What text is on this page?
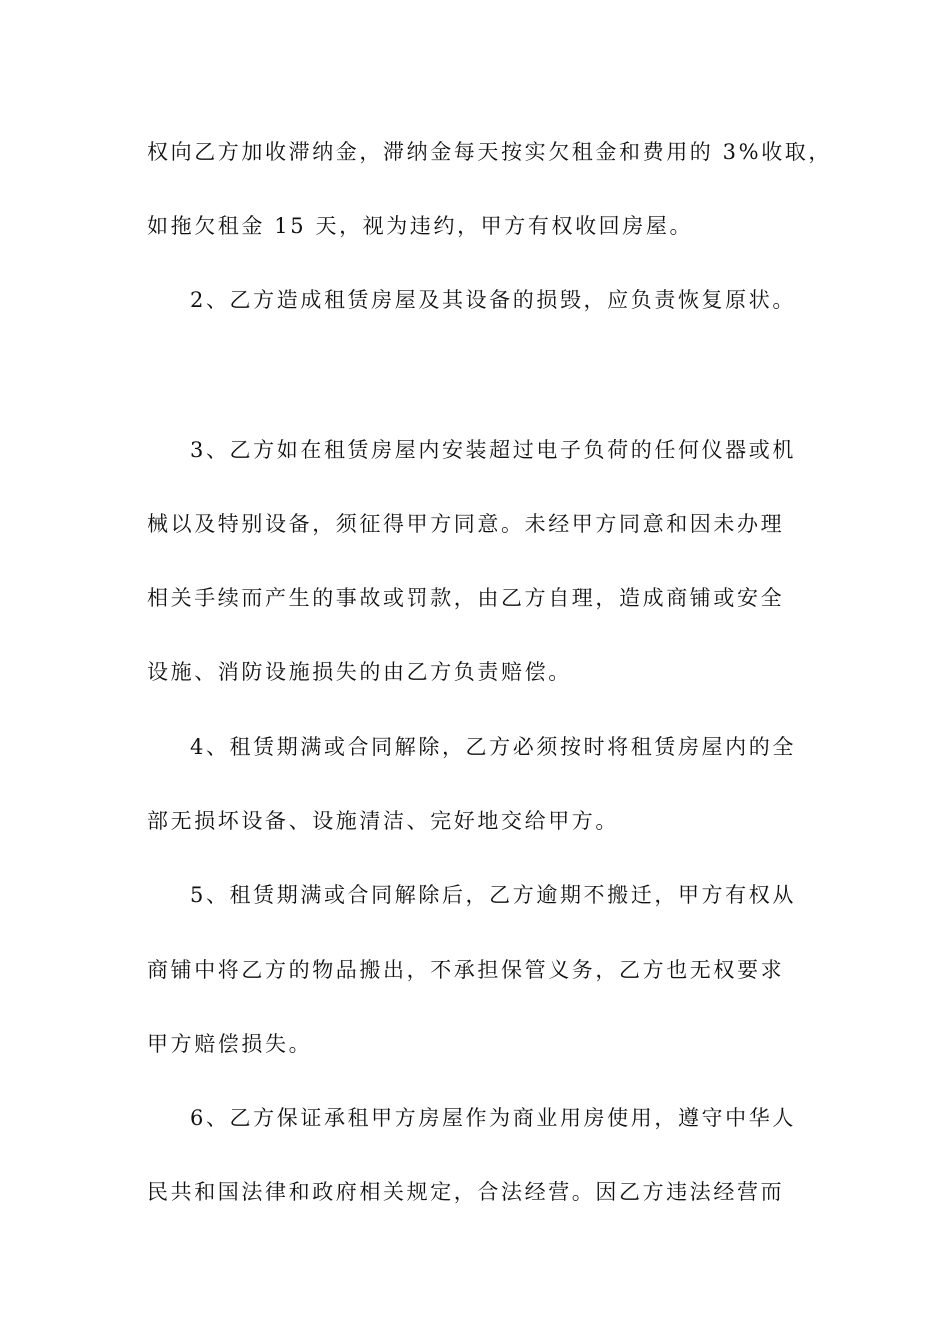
权向乙方加收滞纳金，滞纳金每天按实欠租金和费用的 3%收取，
如拖欠租金 15 天，视为违约，甲方有权收回房屋。
2、乙方造成租赁房屋及其设备的损毁，应负责恢复原状。
3、乙方如在租赁房屋内安装超过电子负荷的任何仪器或机
械以及特别设备，须征得甲方同意。未经甲方同意和因未办理
相关手续而产生的事故或罚款，由乙方自理，造成商铺或安全
设施、消防设施损失的由乙方负责赔偿。
4、租赁期满或合同解除，乙方必须按时将租赁房屋内的全
部无损坏设备、设施清洁、完好地交给甲方。
5、租赁期满或合同解除后，乙方逾期不搬迁，甲方有权从
商铺中将乙方的物品搬出，不承担保管义务，乙方也无权要求
甲方赔偿损失。
6、乙方保证承租甲方房屋作为商业用房使用，遵守中华人
民共和国法律和政府相关规定，合法经营。因乙方违法经营而
